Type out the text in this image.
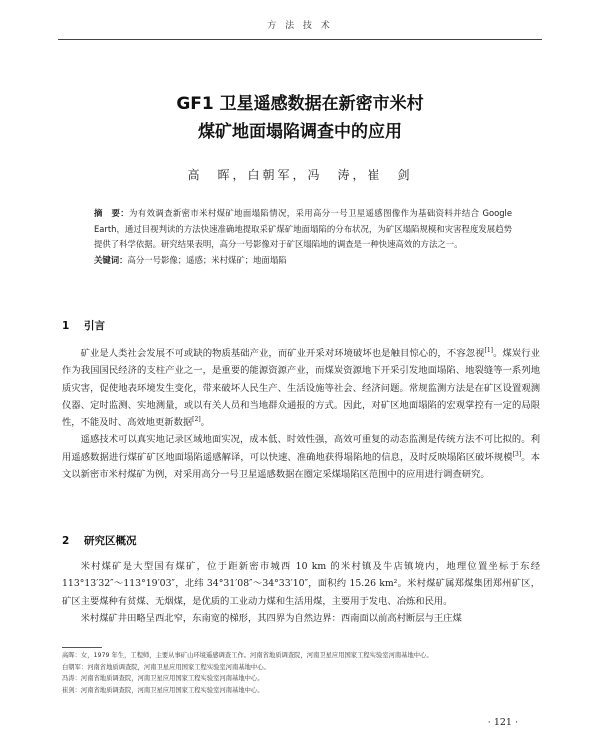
方 法 技 术
GF1 卫星遥感数据在新密市米村
煤矿地面塌陷调查中的应用
高　晖，白朝军，冯　涛，崔　剑

摘　要：为有效调查新密市米村煤矿地面塌陷情况，采用高分一号卫星遥感图像作为基础资料并结合 Google Earth，通过目视判读的方法快速准确地提取采矿煤矿地面塌陷的分布状况，为矿区塌陷规模和灾害程度发展趋势提供了科学依据。研究结果表明，高分一号影像对于矿区塌陷地的调查是一种快速高效的方法之一。

关键词：高分一号影像；遥感；米村煤矿；地面塌陷

1 引言

矿业是人类社会发展不可或缺的物质基础产业，而矿业开采对环境破坏也是触目惊心的，不容忽视[1]。煤炭行业作为我国国民经济的支柱产业之一，是重要的能源资源产业，而煤炭资源地下开采引发地面塌陷、地裂缝等一系列地质灾害，促使地表环境发生变化，带来破坏人民生产、生活设施等社会、经济问题。常规监测方法是在矿区设置观测仪器、定时监测、实地测量，或以有关人员和当地群众通报的方式。因此，对矿区地面塌陷的宏观掌控有一定的局限性，不能及时、高效地更新数据[2]。

遥感技术可以真实地记录区域地面实况，成本低、时效性强，高效可重复的动态监测是传统方法不可比拟的。利用遥感数据进行煤矿矿区地面塌陷遥感解译，可以快速、准确地获得塌陷地的信息，及时反映塌陷区破坏规模[3]。本文以新密市米村煤矿为例，对采用高分一号卫星遥感数据在圈定采煤塌陷区范围中的应用进行调查研究。

2 研究区概况

米村煤矿是大型国有煤矿，位于距新密市城西 10 km 的米村镇及牛店镇境内，地理位置坐标于东经 113°13′32″～113°19′03″，北纬 34°31′08″～34°33′10″，面积约 15.26 km²。米村煤矿属郑煤集团郑州矿区，矿区主要煤种有贫煤、无烟煤，是优质的工业动力煤和生活用煤，主要用于发电、冶炼和民用。

米村煤矿井田略呈西北窄，东南宽的梯形，其四界为自然边界：西南面以前高村断层与王庄煤

高晖：女，1979 年生，工程师，主要从事矿山环境遥感调查工作。河南省地质调查院，河南卫星应用国家工程实验室河南基地中心。

白朝军：河南省地质调查院，河南卫星应用国家工程实验室河南基地中心。

冯涛：河南省地质调查院，河南卫星应用国家工程实验室河南基地中心。

崔剑：河南省地质调查院，河南卫星应用国家工程实验室河南基地中心。

· 121 ·
